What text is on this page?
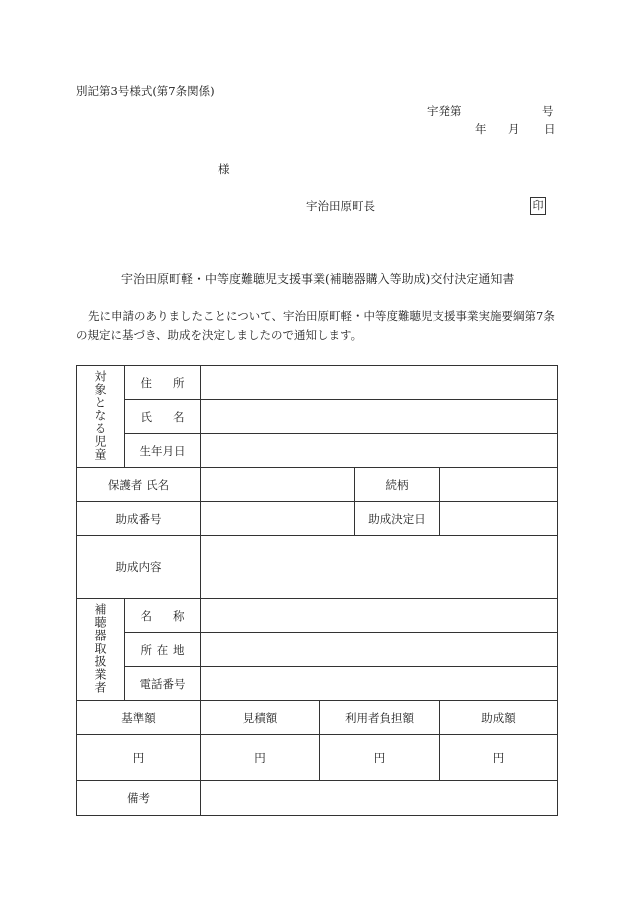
別記第3号様式(第7条関係)
宇発第	号
年 月 日
様
宇治田原町長	印
宇治田原町軽・中等度難聴児支援事業(補聴器購入等助成)交付決定通知書
先に申請のありましたことについて、宇治田原町軽・中等度難聴児支援事業実施要綱第7条の規定に基づき、助成を決定しましたので通知します。
対象となる児童	住所				
	氏名				
	生年月日				
保護者 氏名				続柄	
助成番号				助成決定日	
助成内容					
補聴器取扱業者	名称				
	所在地				
	電話番号				
基準額		見積額	利用者負担額		助成額
円		円	円		円
備考					
